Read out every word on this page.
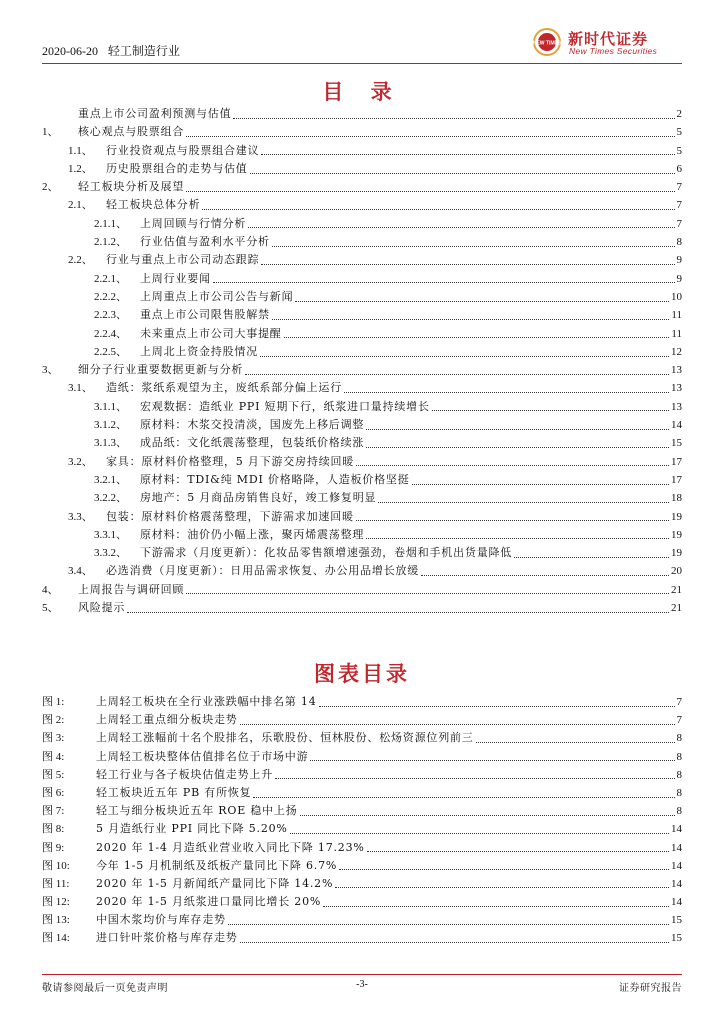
2020-06-20 轻工制造行业
NEW TIMES 新时代证券
New Times Securities
目 录
重点上市公司盈利预测与估值	2
1、	核心观点与股票组合	5
1.1、	行业投资观点与股票组合建议	5
1.2、	历史股票组合的走势与估值	6
2、	轻工板块分析及展望	7
2.1、	轻工板块总体分析	7
2.1.1、	上周回顾与行情分析	7
2.1.2、	行业估值与盈利水平分析	8
2.2、	行业与重点上市公司动态跟踪	9
2.2.1、	上周行业要闻	9
2.2.2、	上周重点上市公司公告与新闻	10
2.2.3、	重点上市公司限售股解禁	11
2.2.4、	未来重点上市公司大事提醒	11
2.2.5、	上周北上资金持股情况	12
3、	细分子行业重要数据更新与分析	13
3.1、	造纸：浆纸系观望为主，废纸系部分偏上运行	13
3.1.1、	宏观数据：造纸业 PPI 短期下行，纸浆进口量持续增长	13
3.1.2、	原材料：木浆交投清淡，国废先上移后调整	14
3.1.3、	成品纸：文化纸震荡整理，包装纸价格续涨	15
3.2、	家具：原材料价格整理，5 月下游交房持续回暖	17
3.2.1、	原材料：TDI&纯 MDI 价格略降，人造板价格坚挺	17
3.2.2、	房地产：5 月商品房销售良好，竣工修复明显	18
3.3、	包装：原材料价格震荡整理，下游需求加速回暖	19
3.3.1、	原材料：油价仍小幅上涨，聚丙烯震荡整理	19
3.3.2、	下游需求（月度更新）：化妆品零售额增速强劲，卷烟和手机出货量降低	19
3.4、	必选消费（月度更新）：日用品需求恢复、办公用品增长放缓	20
4、	上周报告与调研回顾	21
5、	风险提示	21
图表目录
图 1:	上周轻工板块在全行业涨跌幅中排名第 14	7
图 2:	上周轻工重点细分板块走势	7
图 3:	上周轻工涨幅前十名个股排名，乐歌股份、恒林股份、松炀资源位列前三	8
图 4:	上周轻工板块整体估值排名位于市场中游	8
图 5:	轻工行业与各子板块估值走势上升	8
图 6:	轻工板块近五年 PB 有所恢复	8
图 7:	轻工与细分板块近五年 ROE 稳中上扬	8
图 8:	5 月造纸行业 PPI 同比下降 5.20%	14
图 9:	2020 年 1-4 月造纸业营业收入同比下降 17.23%	14
图 10:	今年 1-5 月机制纸及纸板产量同比下降 6.7%	14
图 11:	2020 年 1-5 月新闻纸产量同比下降 14.2%	14
图 12:	2020 年 1-5 月纸浆进口量同比增长 20%	14
图 13:	中国木浆均价与库存走势	15
图 14:	进口针叶浆价格与库存走势	15
敬请参阅最后一页免责声明	-3-	证券研究报告
